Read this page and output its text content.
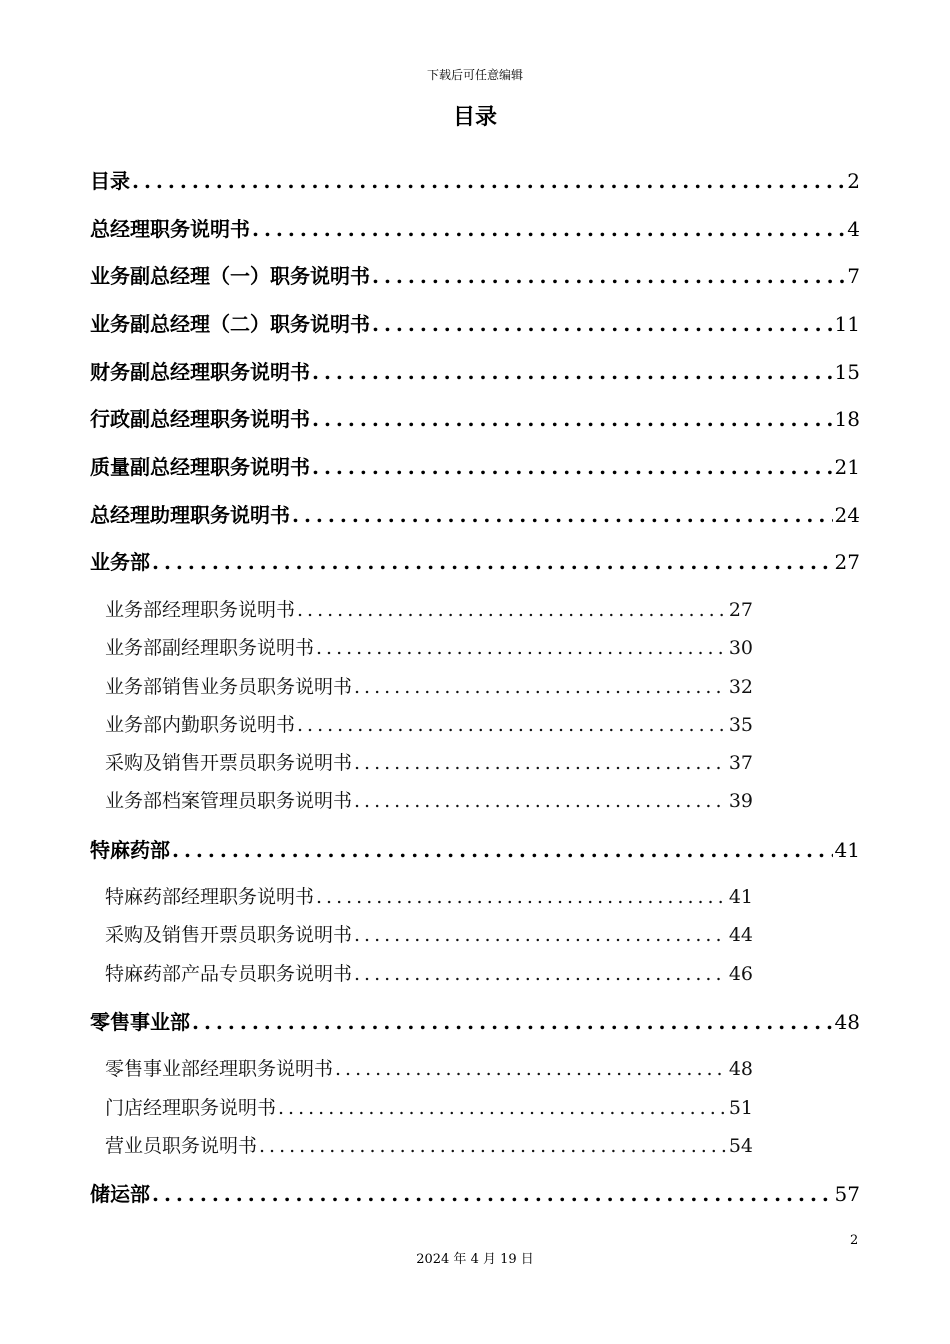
下载后可任意编辑
目录
目录 .....	2
总经理职务说明书 .....	4
业务副总经理（一）职务说明书 .....	7
业务副总经理（二）职务说明书 .....	11
财务副总经理职务说明书 .....	15
行政副总经理职务说明书 .....	18
质量副总经理职务说明书 .....	21
总经理助理职务说明书 .....	24
业务部 .....	27
业务部经理职务说明书 .....	27
业务部副经理职务说明书 .....	30
业务部销售业务员职务说明书 .....	32
业务部内勤职务说明书 .....	35
采购及销售开票员职务说明书 .....	37
业务部档案管理员职务说明书 .....	39
特麻药部 .....	41
特麻药部经理职务说明书 .....	41
采购及销售开票员职务说明书 .....	44
特麻药部产品专员职务说明书 .....	46
零售事业部 .....	48
零售事业部经理职务说明书 .....	48
门店经理职务说明书 .....	51
营业员职务说明书 .....	54
储运部 .....	57
2
2024 年 4 月 19 日
